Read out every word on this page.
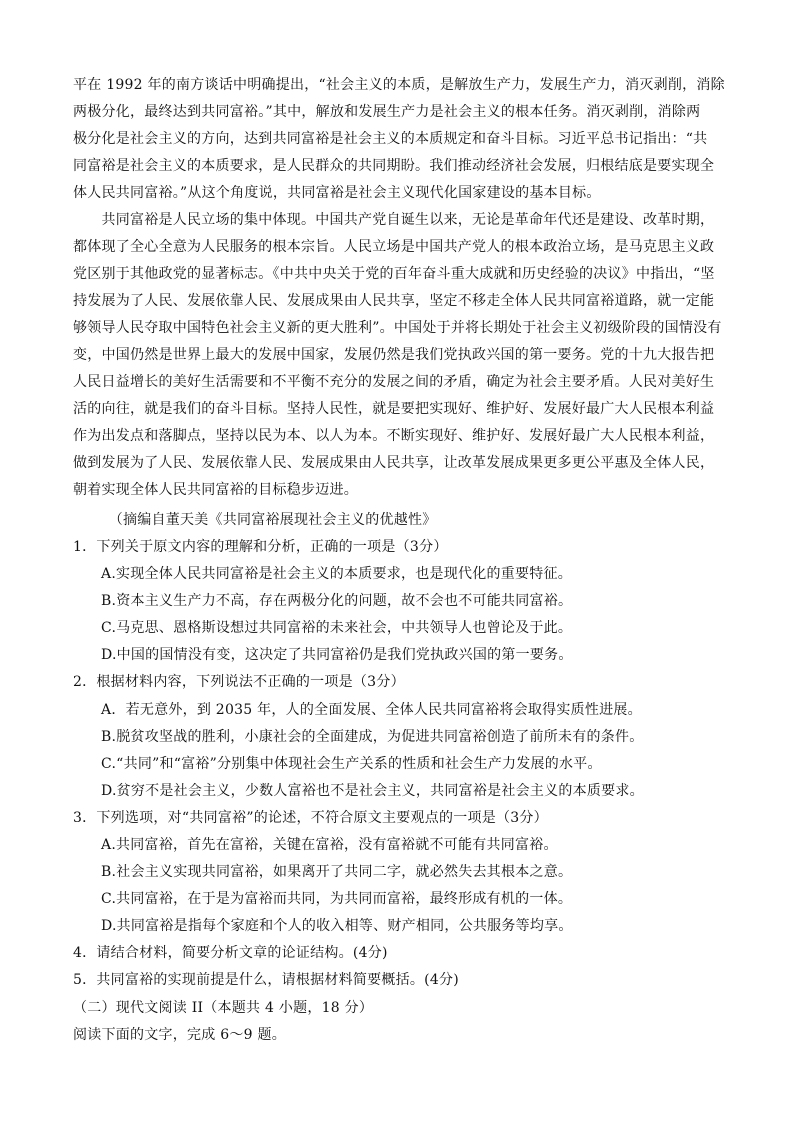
平在 1992 年的南方谈话中明确提出，“社会主义的本质，是解放生产力，发展生产力，消灭剥削，消除
两极分化，最终达到共同富裕。”其中，解放和发展生产力是社会主义的根本任务。消灭剥削，消除两
极分化是社会主义的方向，达到共同富裕是社会主义的本质规定和奋斗目标。习近平总书记指出：“共
同富裕是社会主义的本质要求，是人民群众的共同期盼。我们推动经济社会发展，归根结底是要实现全
体人民共同富裕。”从这个角度说，共同富裕是社会主义现代化国家建设的基本目标。
　　共同富裕是人民立场的集中体现。中国共产党自诞生以来，无论是革命年代还是建设、改革时期，
都体现了全心全意为人民服务的根本宗旨。人民立场是中国共产党人的根本政治立场，是马克思主义政
党区别于其他政党的显著标志。《中共中央关于党的百年奋斗重大成就和历史经验的决议》中指出，“坚
持发展为了人民、发展依靠人民、发展成果由人民共享，坚定不移走全体人民共同富裕道路，就一定能
够领导人民夺取中国特色社会主义新的更大胜利”。中国处于并将长期处于社会主义初级阶段的国情没有
变，中国仍然是世界上最大的发展中国家，发展仍然是我们党执政兴国的第一要务。党的十九大报告把
人民日益增长的美好生活需要和不平衡不充分的发展之间的矛盾，确定为社会主要矛盾。人民对美好生
活的向往，就是我们的奋斗目标。坚持人民性，就是要把实现好、维护好、发展好最广大人民根本利益
作为出发点和落脚点，坚持以民为本、以人为本。不断实现好、维护好、发展好最广大人民根本利益，
做到发展为了人民、发展依靠人民、发展成果由人民共享，让改革发展成果更多更公平惠及全体人民，
朝着实现全体人民共同富裕的目标稳步迈进。
　　　（摘编自董天美《共同富裕展现社会主义的优越性》
1．下列关于原文内容的理解和分析，正确的一项是（3分）
A.实现全体人民共同富裕是社会主义的本质要求，也是现代化的重要特征。
B.资本主义生产力不高，存在两极分化的问题，故不会也不可能共同富裕。
C.马克思、恩格斯设想过共同富裕的未来社会，中共领导人也曾论及于此。
D.中国的国情没有变，这决定了共同富裕仍是我们党执政兴国的第一要务。
2．根据材料内容，下列说法不正确的一项是（3分）
A．若无意外，到 2035 年，人的全面发展、全体人民共同富裕将会取得实质性进展。
B.脱贫攻坚战的胜利，小康社会的全面建成，为促进共同富裕创造了前所未有的条件。
C.“共同”和“富裕”分别集中体现社会生产关系的性质和社会生产力发展的水平。
D.贫穷不是社会主义，少数人富裕也不是社会主义，共同富裕是社会主义的本质要求。
3．下列选项，对“共同富裕”的论述，不符合原文主要观点的一项是（3分）
A.共同富裕，首先在富裕，关键在富裕，没有富裕就不可能有共同富裕。
B.社会主义实现共同富裕，如果离开了共同二字，就必然失去其根本之意。
C.共同富裕，在于是为富裕而共同，为共同而富裕，最终形成有机的一体。
D.共同富裕是指每个家庭和个人的收入相等、财产相同，公共服务等均享。
4．请结合材料，简要分析文章的论证结构。(4分)
5．共同富裕的实现前提是什么，请根据材料简要概括。(4分)
（二）现代文阅读 II（本题共 4 小题，18 分）
阅读下面的文字，完成 6～9 题。
